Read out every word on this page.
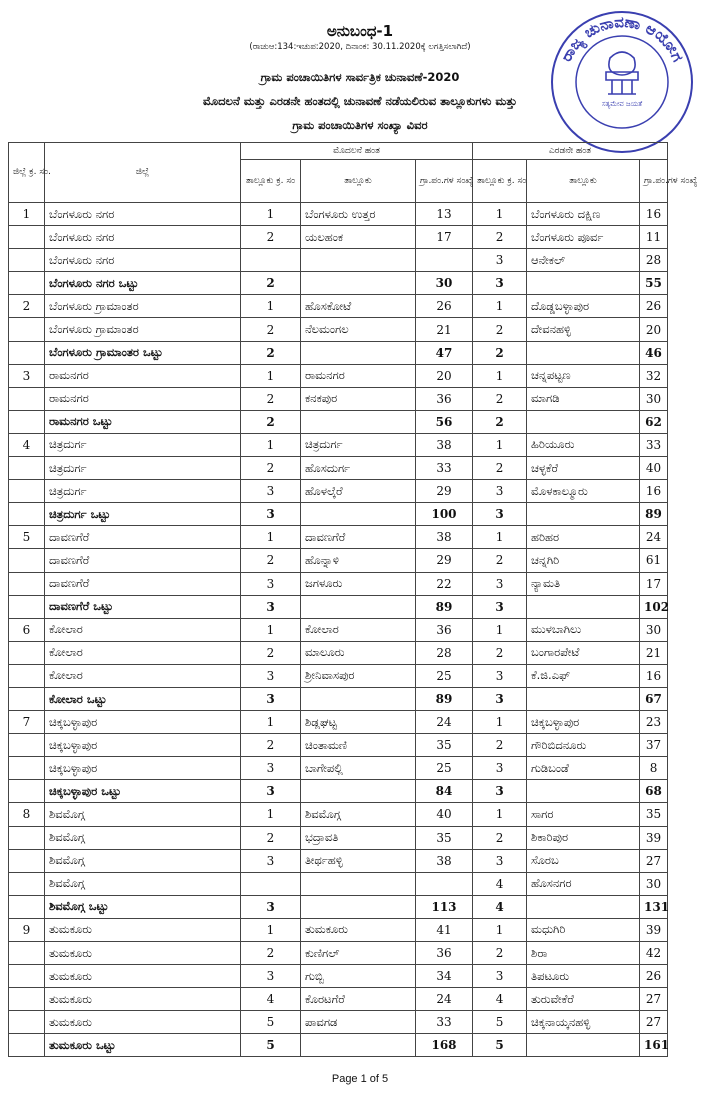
ಅನುಬಂಧ-1
(ರಾಚುಆ:134:ಇಚುಪ:2020, ದಿನಾಂಕ: 30.11.2020ಕ್ಕೆ ಲಗತ್ತಿಸಲಾಗಿದೆ)
ಗ್ರಾಮ ಪಂಚಾಯಿತಿಗಳ ಸಾರ್ವತ್ರಿಕ ಚುನಾವಣೆ-2020
ಮೊದಲನೆ ಮತ್ತು ಎರಡನೇ ಹಂತದಲ್ಲಿ ಚುನಾವಣೆ ನಡೆಯಲಿರುವ ತಾಲ್ಲೂಕುಗಳು ಮತ್ತು
ಗ್ರಾಮ ಪಂಚಾಯಿತಿಗಳ ಸಂಖ್ಯಾ ವಿವರ
ರಾಜ್ಯ ಚುನಾವಣಾ ಆಯೋಗ
ಸತ್ಯಮೇವ ಜಯತೆ
ಜಿಲ್ಲೆ ಕ್ರ. ಸಂ.	ಜಿಲ್ಲೆ	ಮೊದಲನೆ ಹಂತ			ಎರಡನೇ ಹಂತ		
		ತಾಲ್ಲೂಕು ಕ್ರ. ಸಂ	ತಾಲ್ಲೂಕು	ಗ್ರಾ.ಪಂ.ಗಳ ಸಂಖ್ಯೆ	ತಾಲ್ಲೂಕು ಕ್ರ. ಸಂ	ತಾಲ್ಲೂಕು	ಗ್ರಾ.ಪಂ.ಗಳ ಸಂಖ್ಯೆ
1	ಬೆಂಗಳೂರು ನಗರ	1	ಬೆಂಗಳೂರು ಉತ್ತರ	13	1	ಬೆಂಗಳೂರು ದಕ್ಷಿಣ	16
	ಬೆಂಗಳೂರು ನಗರ	2	ಯಲಹಂಕ	17	2	ಬೆಂಗಳೂರು ಪೂರ್ವ	11
	ಬೆಂಗಳೂರು ನಗರ				3	ಆನೇಕಲ್	28
	ಬೆಂಗಳೂರು ನಗರ ಒಟ್ಟು	2		30	3		55
2	ಬೆಂಗಳೂರು ಗ್ರಾಮಾಂತರ	1	ಹೊಸಕೋಟೆ	26	1	ದೊಡ್ಡಬಳ್ಳಾಪುರ	26
	ಬೆಂಗಳೂರು ಗ್ರಾಮಾಂತರ	2	ನೆಲಮಂಗಲ	21	2	ದೇವನಹಳ್ಳಿ	20
	ಬೆಂಗಳೂರು ಗ್ರಾಮಾಂತರ ಒಟ್ಟು	2		47	2		46
3	ರಾಮನಗರ	1	ರಾಮನಗರ	20	1	ಚನ್ನಪಟ್ಟಣ	32
	ರಾಮನಗರ	2	ಕನಕಪುರ	36	2	ಮಾಗಡಿ	30
	ರಾಮನಗರ ಒಟ್ಟು	2		56	2		62
4	ಚಿತ್ರದುರ್ಗ	1	ಚಿತ್ರದುರ್ಗ	38	1	ಹಿರಿಯೂರು	33
	ಚಿತ್ರದುರ್ಗ	2	ಹೊಸದುರ್ಗ	33	2	ಚಳ್ಳಕೆರೆ	40
	ಚಿತ್ರದುರ್ಗ	3	ಹೊಳಲ್ಕೆರೆ	29	3	ಮೊಳಕಾಲ್ಮೂರು	16
	ಚಿತ್ರದುರ್ಗ ಒಟ್ಟು	3		100	3		89
5	ದಾವಣಗೆರೆ	1	ದಾವಣಗೆರೆ	38	1	ಹರಿಹರ	24
	ದಾವಣಗೆರೆ	2	ಹೊನ್ನಾಳಿ	29	2	ಚನ್ನಗಿರಿ	61
	ದಾವಣಗೆರೆ	3	ಜಗಳೂರು	22	3	ನ್ಯಾಮತಿ	17
	ದಾವಣಗೆರೆ ಒಟ್ಟು	3		89	3		102
6	ಕೋಲಾರ	1	ಕೋಲಾರ	36	1	ಮುಳಬಾಗಿಲು	30
	ಕೋಲಾರ	2	ಮಾಲೂರು	28	2	ಬಂಗಾರಪೇಟೆ	21
	ಕೋಲಾರ	3	ಶ್ರೀನಿವಾಸಪುರ	25	3	ಕೆ.ಜಿ.ಎಫ್	16
	ಕೋಲಾರ ಒಟ್ಟು	3		89	3		67
7	ಚಿಕ್ಕಬಳ್ಳಾಪುರ	1	ಶಿಡ್ಲಘಟ್ಟ	24	1	ಚಿಕ್ಕಬಳ್ಳಾಪುರ	23
	ಚಿಕ್ಕಬಳ್ಳಾಪುರ	2	ಚಿಂತಾಮಣಿ	35	2	ಗೌರಿಬಿದನೂರು	37
	ಚಿಕ್ಕಬಳ್ಳಾಪುರ	3	ಬಾಗೇಪಲ್ಲಿ	25	3	ಗುಡಿಬಂಡೆ	8
	ಚಿಕ್ಕಬಳ್ಳಾಪುರ ಒಟ್ಟು	3		84	3		68
8	ಶಿವಮೊಗ್ಗ	1	ಶಿವಮೊಗ್ಗ	40	1	ಸಾಗರ	35
	ಶಿವಮೊಗ್ಗ	2	ಭದ್ರಾವತಿ	35	2	ಶಿಕಾರಿಪುರ	39
	ಶಿವಮೊಗ್ಗ	3	ತೀರ್ಥಹಳ್ಳಿ	38	3	ಸೊರಬ	27
	ಶಿವಮೊಗ್ಗ				4	ಹೊಸನಗರ	30
	ಶಿವಮೊಗ್ಗ ಒಟ್ಟು	3		113	4		131
9	ತುಮಕೂರು	1	ತುಮಕೂರು	41	1	ಮಧುಗಿರಿ	39
	ತುಮಕೂರು	2	ಕುಣಿಗಲ್	36	2	ಶಿರಾ	42
	ತುಮಕೂರು	3	ಗುಬ್ಬಿ	34	3	ತಿಪಟೂರು	26
	ತುಮಕೂರು	4	ಕೊರಟಗೆರೆ	24	4	ತುರುವೇಕೆರೆ	27
	ತುಮಕೂರು	5	ಪಾವಗಡ	33	5	ಚಿಕ್ಕನಾಯ್ಕನಹಳ್ಳಿ	27
	ತುಮಕೂರು ಒಟ್ಟು	5		168	5		161
Page 1 of 5
